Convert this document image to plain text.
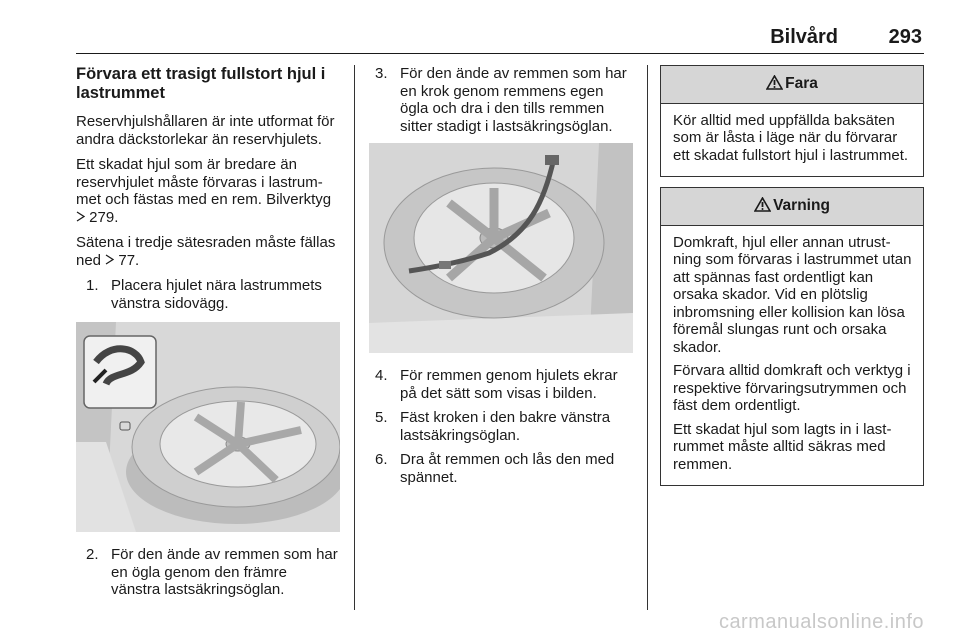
Bilvård	293
Förvara ett trasigt fullstort hjul i lastrummet

Reservhjulshållaren är inte utformat för andra däckstorlekar än reservhjulets.

Ett skadat hjul som är bredare än reservhjulet måste förvaras i lastrummet och fästas med en rem. Bilverktyg  279.

Sätena i tredje sätesraden måste fällas ned 77.

1. Placera hjulet nära lastrummets vänstra sidovägg.
2. För den ände av remmen som har en ögla genom den främre vänstra lastsäkringsöglan.
3. För den ände av remmen som har en krok genom remmens egen ögla och dra i den tills remmen sitter stadigt i lastsäkringsöglan.
4. För remmen genom hjulets ekrar på det sätt som visas i bilden.
5. Fäst kroken i den bakre vänstra lastsäkringsöglan.
6. Dra åt remmen och lås den med spännet.
Fara

Kör alltid med uppfällda baksäten som är låsta i läge när du förvarar ett skadat fullstort hjul i lastrummet.

Varning

Domkraft, hjul eller annan utrustning som förvaras i lastrummet utan att spännas fast ordentligt kan orsaka skador. Vid en plötslig inbromsning eller kollision kan lösa föremål slungas runt och orsaka skador.

Förvara alltid domkraft och verktyg i respektive förvaringsutrymmen och fäst dem ordentligt.

Ett skadat hjul som lagts in i lastrummet måste alltid säkras med remmen.

carmanualsonline.info
